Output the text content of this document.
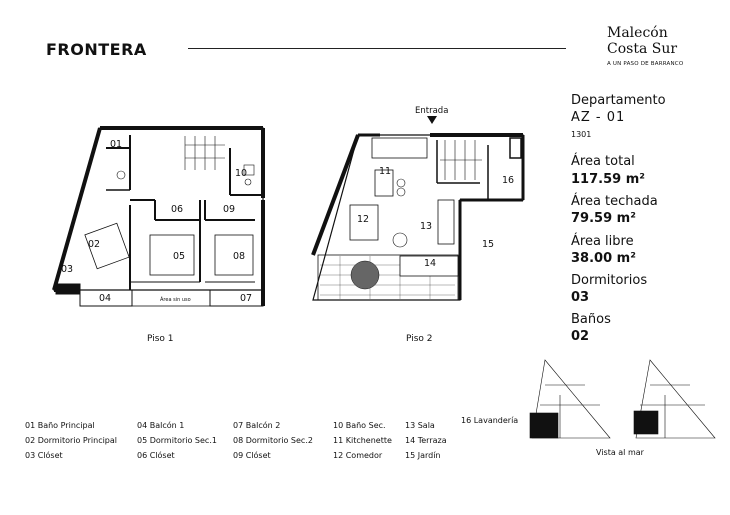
FRONTERA
Malecón
Costa Sur
A UN PASO DE BARRANCO
Departamento
AZ - 01
1301
Área total
117.59 m²
Área techada
79.59 m²
Área libre
38.00 m²
Dormitorios
03
Baños
02
01
02
03
04
05
06
07
08
09
10
Área sin uso
Entrada
11
12
13
14
15
16
Piso 1	Piso 2
01 Baño Principal
02 Dormitorio Principal
03 Clóset
04 Balcón 1
05 Dormitorio Sec.1
06 Clóset
07 Balcón 2
08 Dormitorio Sec.2
09 Clóset
10 Baño Sec.
11 Kitchenette
12 Comedor
13 Sala
14 Terraza
15 Jardín
16 Lavandería
Vista al mar
